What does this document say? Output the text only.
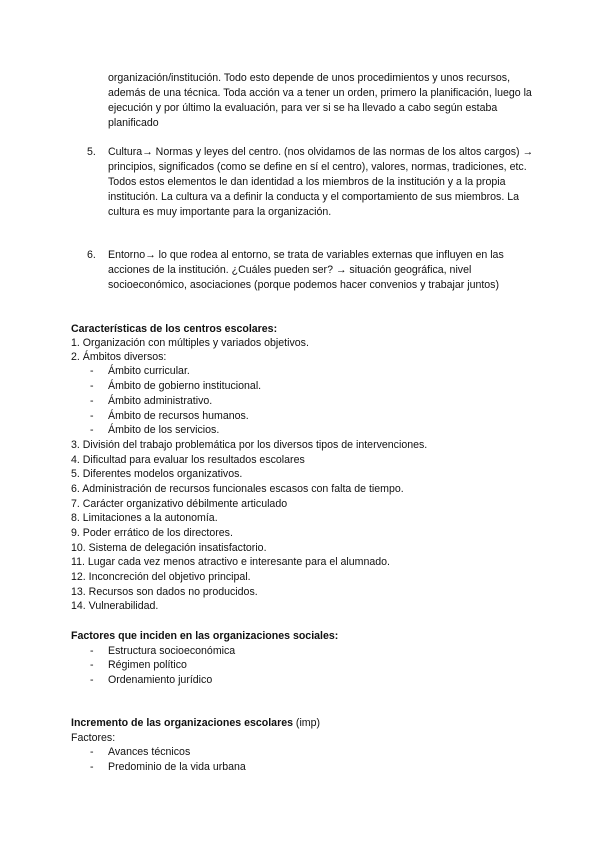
organización/institución. Todo esto depende de unos procedimientos y unos recursos, además de una técnica. Toda acción va a tener un orden, primero la planificación, luego la ejecución y por último la evaluación, para ver si se ha llevado a cabo según estaba planificado

5.	Cultura→ Normas y leyes del centro. (nos olvidamos de las normas de los altos cargos) → principios, significados (como se define en sí el centro), valores, normas, tradiciones, etc. Todos estos elementos le dan identidad a los miembros de la institución y a la propia institución. La cultura va a definir la conducta y el comportamiento de sus miembros. La cultura es muy importante para la organización.

6.	Entorno→ lo que rodea al entorno, se trata de variables externas que influyen en las acciones de la institución. ¿Cuáles pueden ser? → situación geográfica, nivel socioeconómico, asociaciones (porque podemos hacer convenios y trabajar juntos)

Características de los centros escolares:
1. Organización con múltiples y variados objetivos.
2. Ámbitos diversos:
- Ámbito curricular.
- Ámbito de gobierno institucional.
- Ámbito administrativo.
- Ámbito de recursos humanos.
- Ámbito de los servicios.
3. División del trabajo problemática por los diversos tipos de intervenciones.
4. Dificultad para evaluar los resultados escolares
5. Diferentes modelos organizativos.
6. Administración de recursos funcionales escasos con falta de tiempo.
7. Carácter organizativo débilmente articulado
8. Limitaciones a la autonomía.
9. Poder errático de los directores.
10. Sistema de delegación insatisfactorio.
11. Lugar cada vez menos atractivo e interesante para el alumnado.
12. Inconcreción del objetivo principal.
13. Recursos son dados no producidos.
14. Vulnerabilidad.
Factores que inciden en las organizaciones sociales:
- Estructura socioeconómica
- Régimen político
- Ordenamiento jurídico
Incremento de las organizaciones escolares (imp)
Factores:
- Avances técnicos
- Predominio de la vida urbana
